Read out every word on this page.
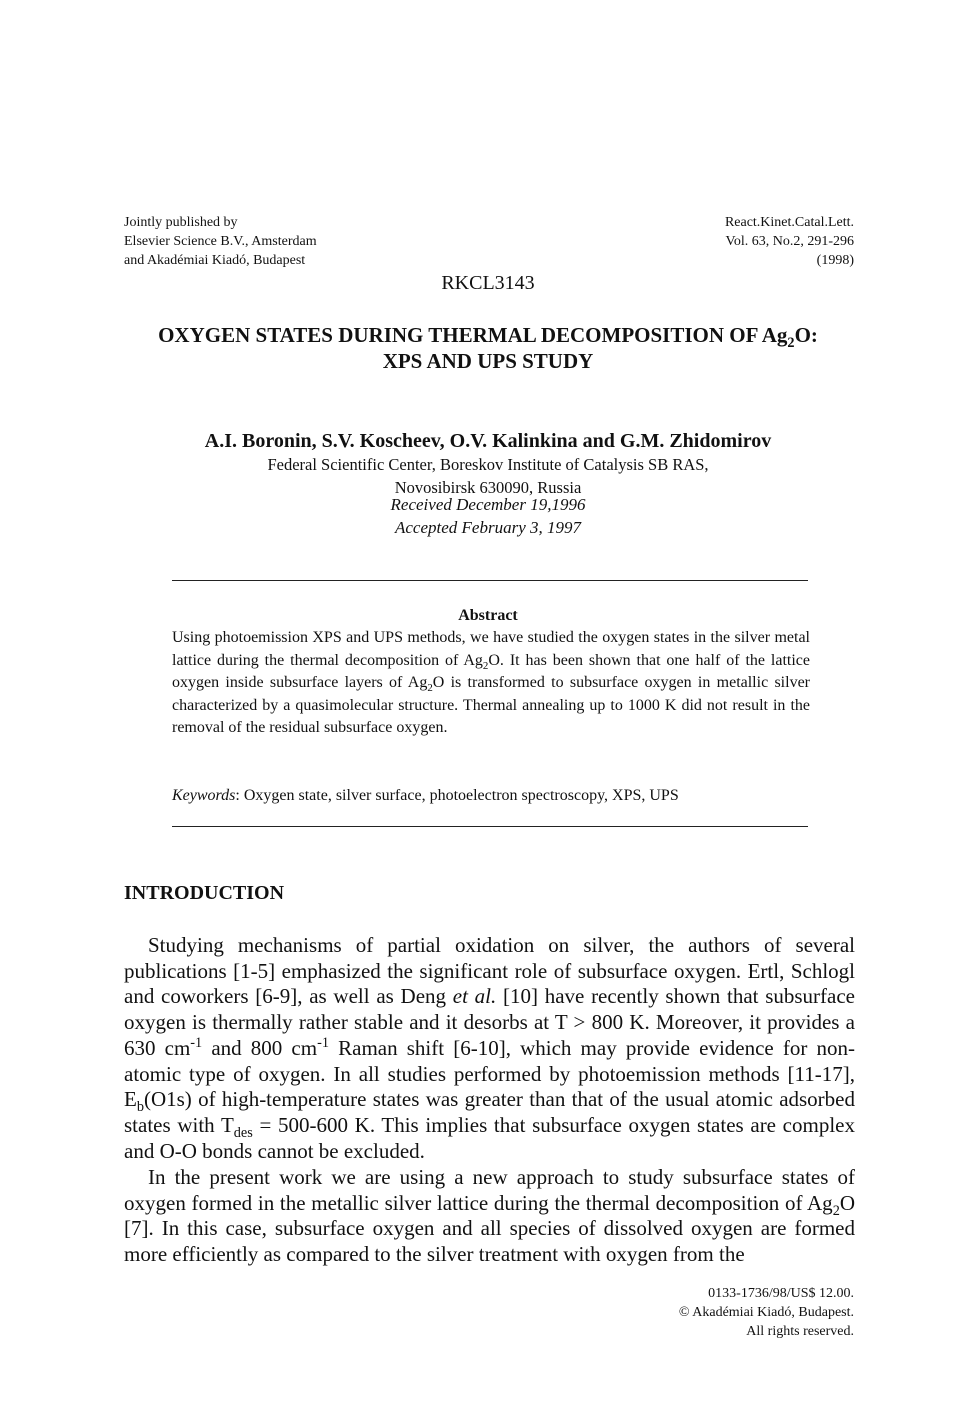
Jointly published by
Elsevier Science B.V., Amsterdam
and Akadémiai Kiadó, Budapest
React.Kinet.Catal.Lett.
Vol. 63, No.2, 291-296
(1998)
RKCL3143
OXYGEN STATES DURING THERMAL DECOMPOSITION OF $Ag_2O$:
XPS AND UPS STUDY
A.I. Boronin, S.V. Koscheev, O.V. Kalinkina and G.M. Zhidomirov
Federal Scientific Center, Boreskov Institute of Catalysis SB RAS,
Novosibirsk 630090, Russia
Received December 19,1996
Accepted February 3, 1997
Abstract
Using photoemission XPS and UPS methods, we have studied the oxygen states in the silver metal lattice during the thermal decomposition of $Ag_2O$. It has been shown that one half of the lattice oxygen inside subsurface layers of $Ag_2O$ is transformed to subsurface oxygen in metallic silver characterized by a quasimolecular structure. Thermal annealing up to 1000 K did not result in the removal of the residual subsurface oxygen.
Keywords: Oxygen state, silver surface, photoelectron spectroscopy, XPS, UPS
INTRODUCTION
Studying mechanisms of partial oxidation on silver, the authors of several publications [1-5] emphasized the significant role of subsurface oxygen. Ertl, Schlogl and coworkers [6-9], as well as Deng et al. [10] have recently shown that subsurface oxygen is thermally rather stable and it desorbs at T > 800 K. Moreover, it provides a 630 $cm^{-1}$ and 800 $cm^{-1}$ Raman shift [6-10], which may provide evidence for non-atomic type of oxygen. In all studies performed by photoemission methods [11-17], $E_b(O1s)$ of high-temperature states was greater than that of the usual atomic adsorbed states with $T_{des} = 500-600$ K. This implies that subsurface oxygen states are complex and O-O bonds cannot be excluded.
In the present work we are using a new approach to study subsurface states of oxygen formed in the metallic silver lattice during the thermal decomposition of $Ag_2O$ [7]. In this case, subsurface oxygen and all species of dissolved oxygen are formed more efficiently as compared to the silver treatment with oxygen from the
0133-1736/98/US$ 12.00.
© Akadémiai Kiadó, Budapest.
All rights reserved.
